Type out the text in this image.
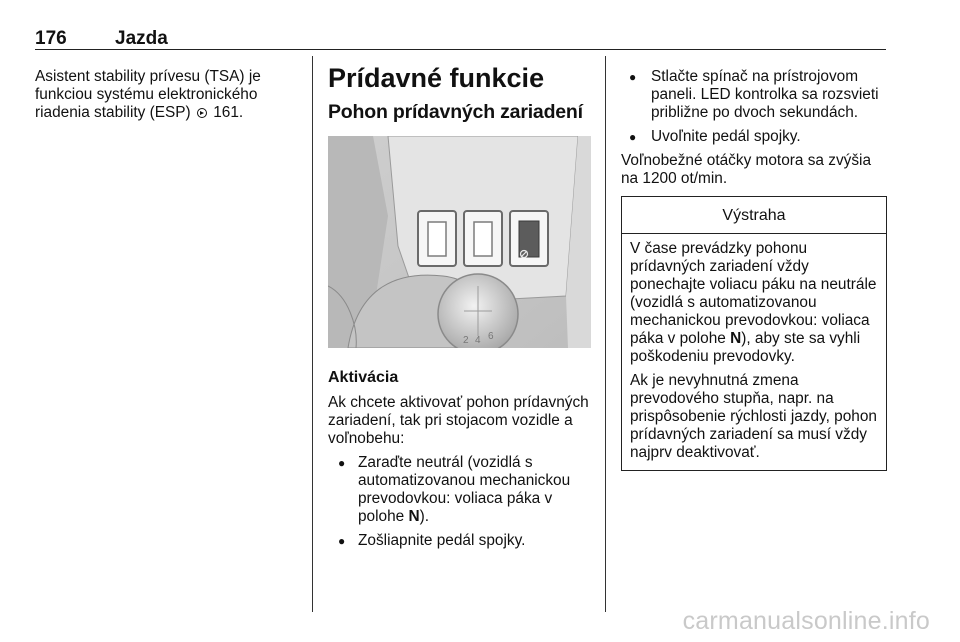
176	Jazda
Asistent stability prívesu (TSA) je funkciou systému elektronického riadenia stability (ESP) 161.
Prídavné funkcie
Pohon prídavných zariadení
2 4 6
Aktivácia
Ak chcete aktivovať pohon prídavných zariadení, tak pri stojacom vozidle a voľnobehu:
● Zaraďte neutrál (vozidlá s automatizovanou mechanickou prevodovkou: voliaca páka v polohe N).
● Zošliapnite pedál spojky.
● Stlačte spínač na prístrojovom paneli. LED kontrolka sa rozsvieti približne po dvoch sekundách.
● Uvoľnite pedál spojky.
Voľnobežné otáčky motora sa zvýšia na 1200 ot/min.
Výstraha
V čase prevádzky pohonu prídavných zariadení vždy ponechajte voliacu páku na neutrále (vozidlá s automatizovanou mechanickou prevodovkou: voliaca páka v polohe N), aby ste sa vyhli poškodeniu prevodovky.
Ak je nevyhnutná zmena prevodového stupňa, napr. na prispôsobenie rýchlosti jazdy, pohon prídavných zariadení sa musí vždy najprv deaktivovať.
carmanualsonline.info
